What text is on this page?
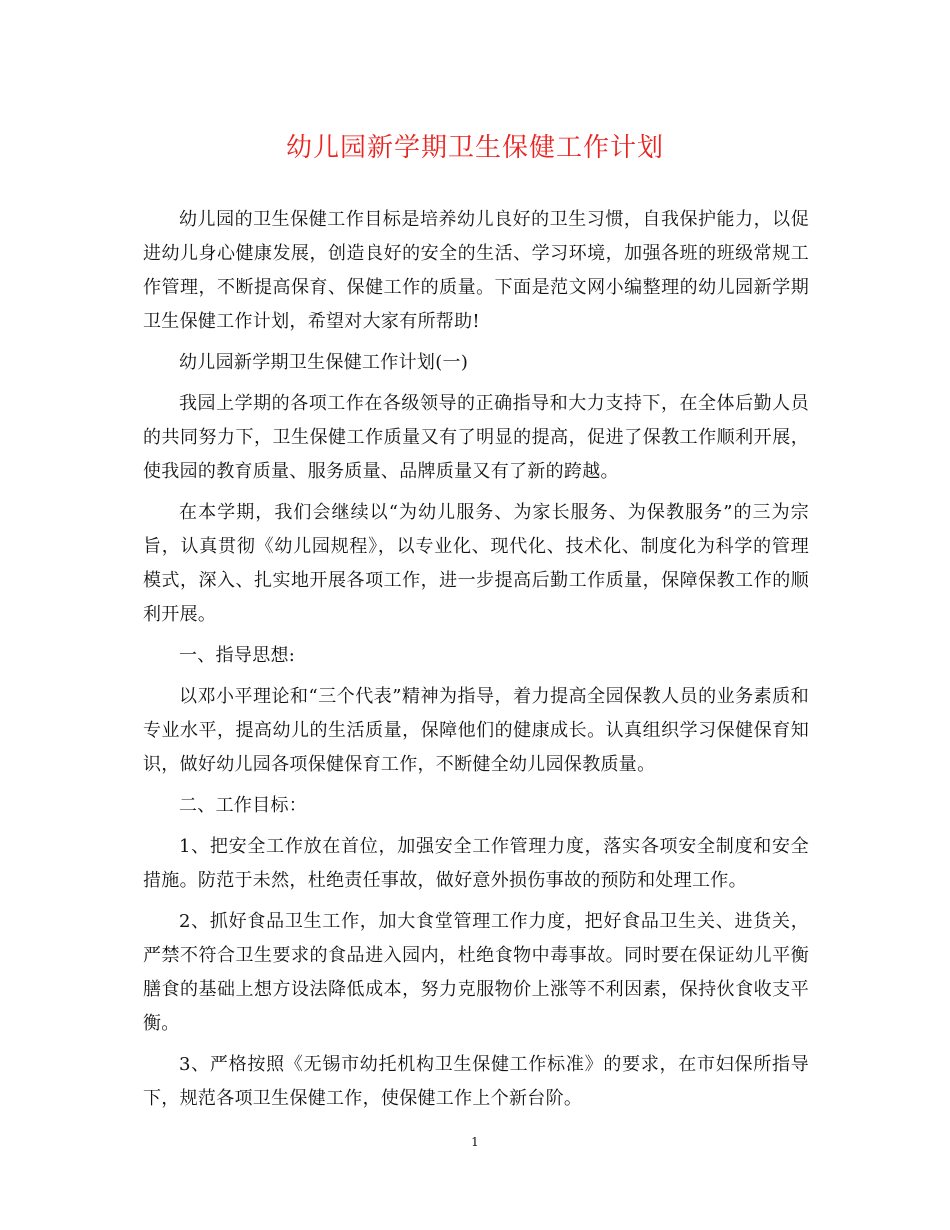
幼儿园新学期卫生保健工作计划

幼儿园的卫生保健工作目标是培养幼儿良好的卫生习惯，自我保护能力，以促进幼儿身心健康发展，创造良好的安全的生活、学习环境，加强各班的班级常规工作管理，不断提高保育、保健工作的质量。下面是范文网小编整理的幼儿园新学期卫生保健工作计划，希望对大家有所帮助!

幼儿园新学期卫生保健工作计划(一)

我园上学期的各项工作在各级领导的正确指导和大力支持下，在全体后勤人员的共同努力下，卫生保健工作质量又有了明显的提高，促进了保教工作顺利开展，使我园的教育质量、服务质量、品牌质量又有了新的跨越。

在本学期，我们会继续以“为幼儿服务、为家长服务、为保教服务”的三为宗旨，认真贯彻《幼儿园规程》，以专业化、现代化、技术化、制度化为科学的管理模式，深入、扎实地开展各项工作，进一步提高后勤工作质量，保障保教工作的顺利开展。

一、指导思想:

以邓小平理论和“三个代表”精神为指导，着力提高全园保教人员的业务素质和专业水平，提高幼儿的生活质量，保障他们的健康成长。认真组织学习保健保育知识，做好幼儿园各项保健保育工作，不断健全幼儿园保教质量。

二、工作目标：

1、把安全工作放在首位，加强安全工作管理力度，落实各项安全制度和安全措施。防范于未然，杜绝责任事故，做好意外损伤事故的预防和处理工作。

2、抓好食品卫生工作，加大食堂管理工作力度，把好食品卫生关、进货关，严禁不符合卫生要求的食品进入园内，杜绝食物中毒事故。同时要在保证幼儿平衡膳食的基础上想方设法降低成本，努力克服物价上涨等不利因素，保持伙食收支平衡。

3、严格按照《无锡市幼托机构卫生保健工作标准》的要求，在市妇保所指导下，规范各项卫生保健工作，使保健工作上个新台阶。

1
